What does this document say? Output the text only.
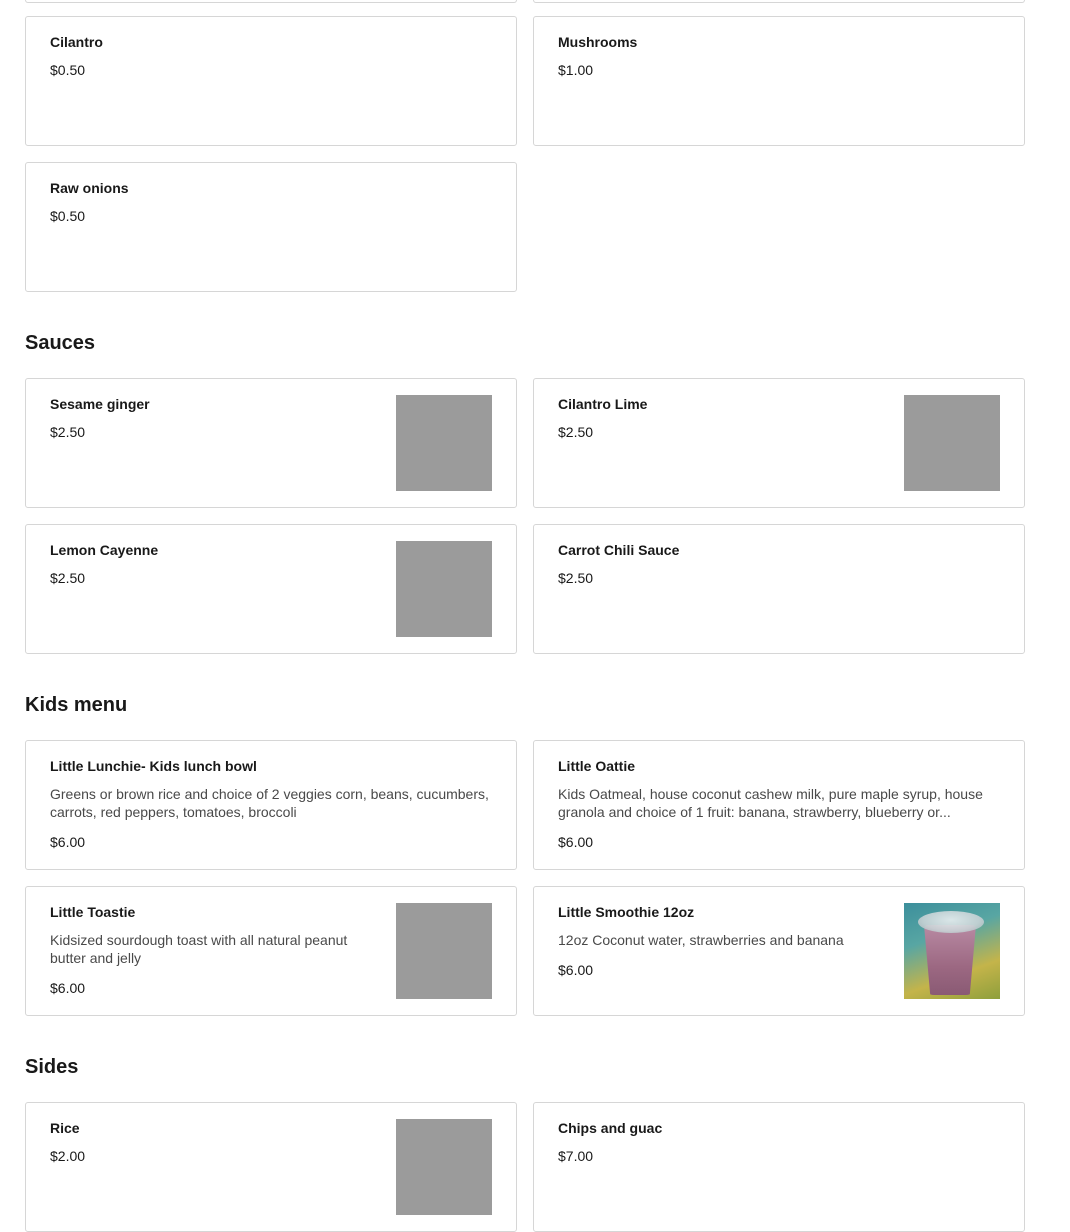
Cilantro
$0.50
Mushrooms
$1.00
Raw onions
$0.50
Sauces
Sesame ginger
$2.50
Cilantro Lime
$2.50
Lemon Cayenne
$2.50
Carrot Chili Sauce
$2.50
Kids menu
Little Lunchie- Kids lunch bowl
Greens or brown rice and choice of 2 veggies corn, beans, cucumbers, carrots, red peppers, tomatoes, broccoli
$6.00
Little Oattie
Kids Oatmeal, house coconut cashew milk, pure maple syrup, house granola and choice of 1 fruit: banana, strawberry, blueberry or...
$6.00
Little Toastie
Kidsized sourdough toast with all natural peanut butter and jelly
$6.00
Little Smoothie 12oz
12oz Coconut water, strawberries and banana
$6.00
Sides
Rice
$2.00
Chips and guac
$7.00
